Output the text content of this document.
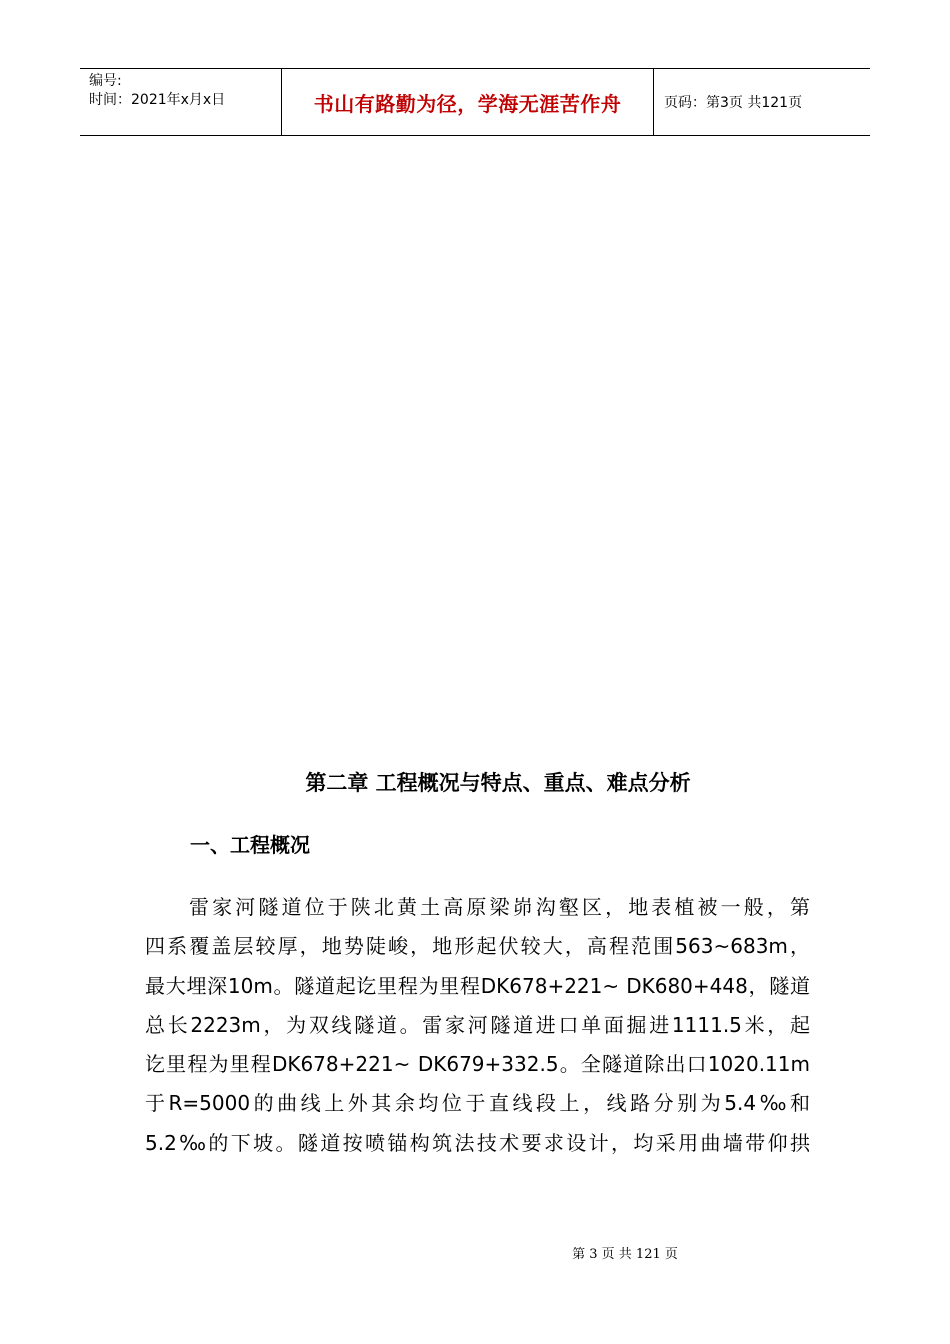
编号:
时间：2021年x月x日	书山有路勤为径，学海无涯苦作舟	页码：第3页 共121页
第二章 工程概况与特点、重点、难点分析
一、工程概况
雷家河隧道位于陕北黄土高原梁峁沟壑区，地表植被一般，第
四系覆盖层较厚，地势陡峻，地形起伏较大，高程范围563~683m，
最大埋深10m。隧道起讫里程为里程DK678+221~ DK680+448，隧道
总长2223m，为双线隧道。雷家河隧道进口单面掘进1111.5米，起
讫里程为里程DK678+221~ DK679+332.5。全隧道除出口1020.11m
于R=5000的曲线上外其余均位于直线段上，线路分别为5.4‰和
5.2‰的下坡。隧道按喷锚构筑法技术要求设计，均采用曲墙带仰拱
第 3 页 共 121 页
